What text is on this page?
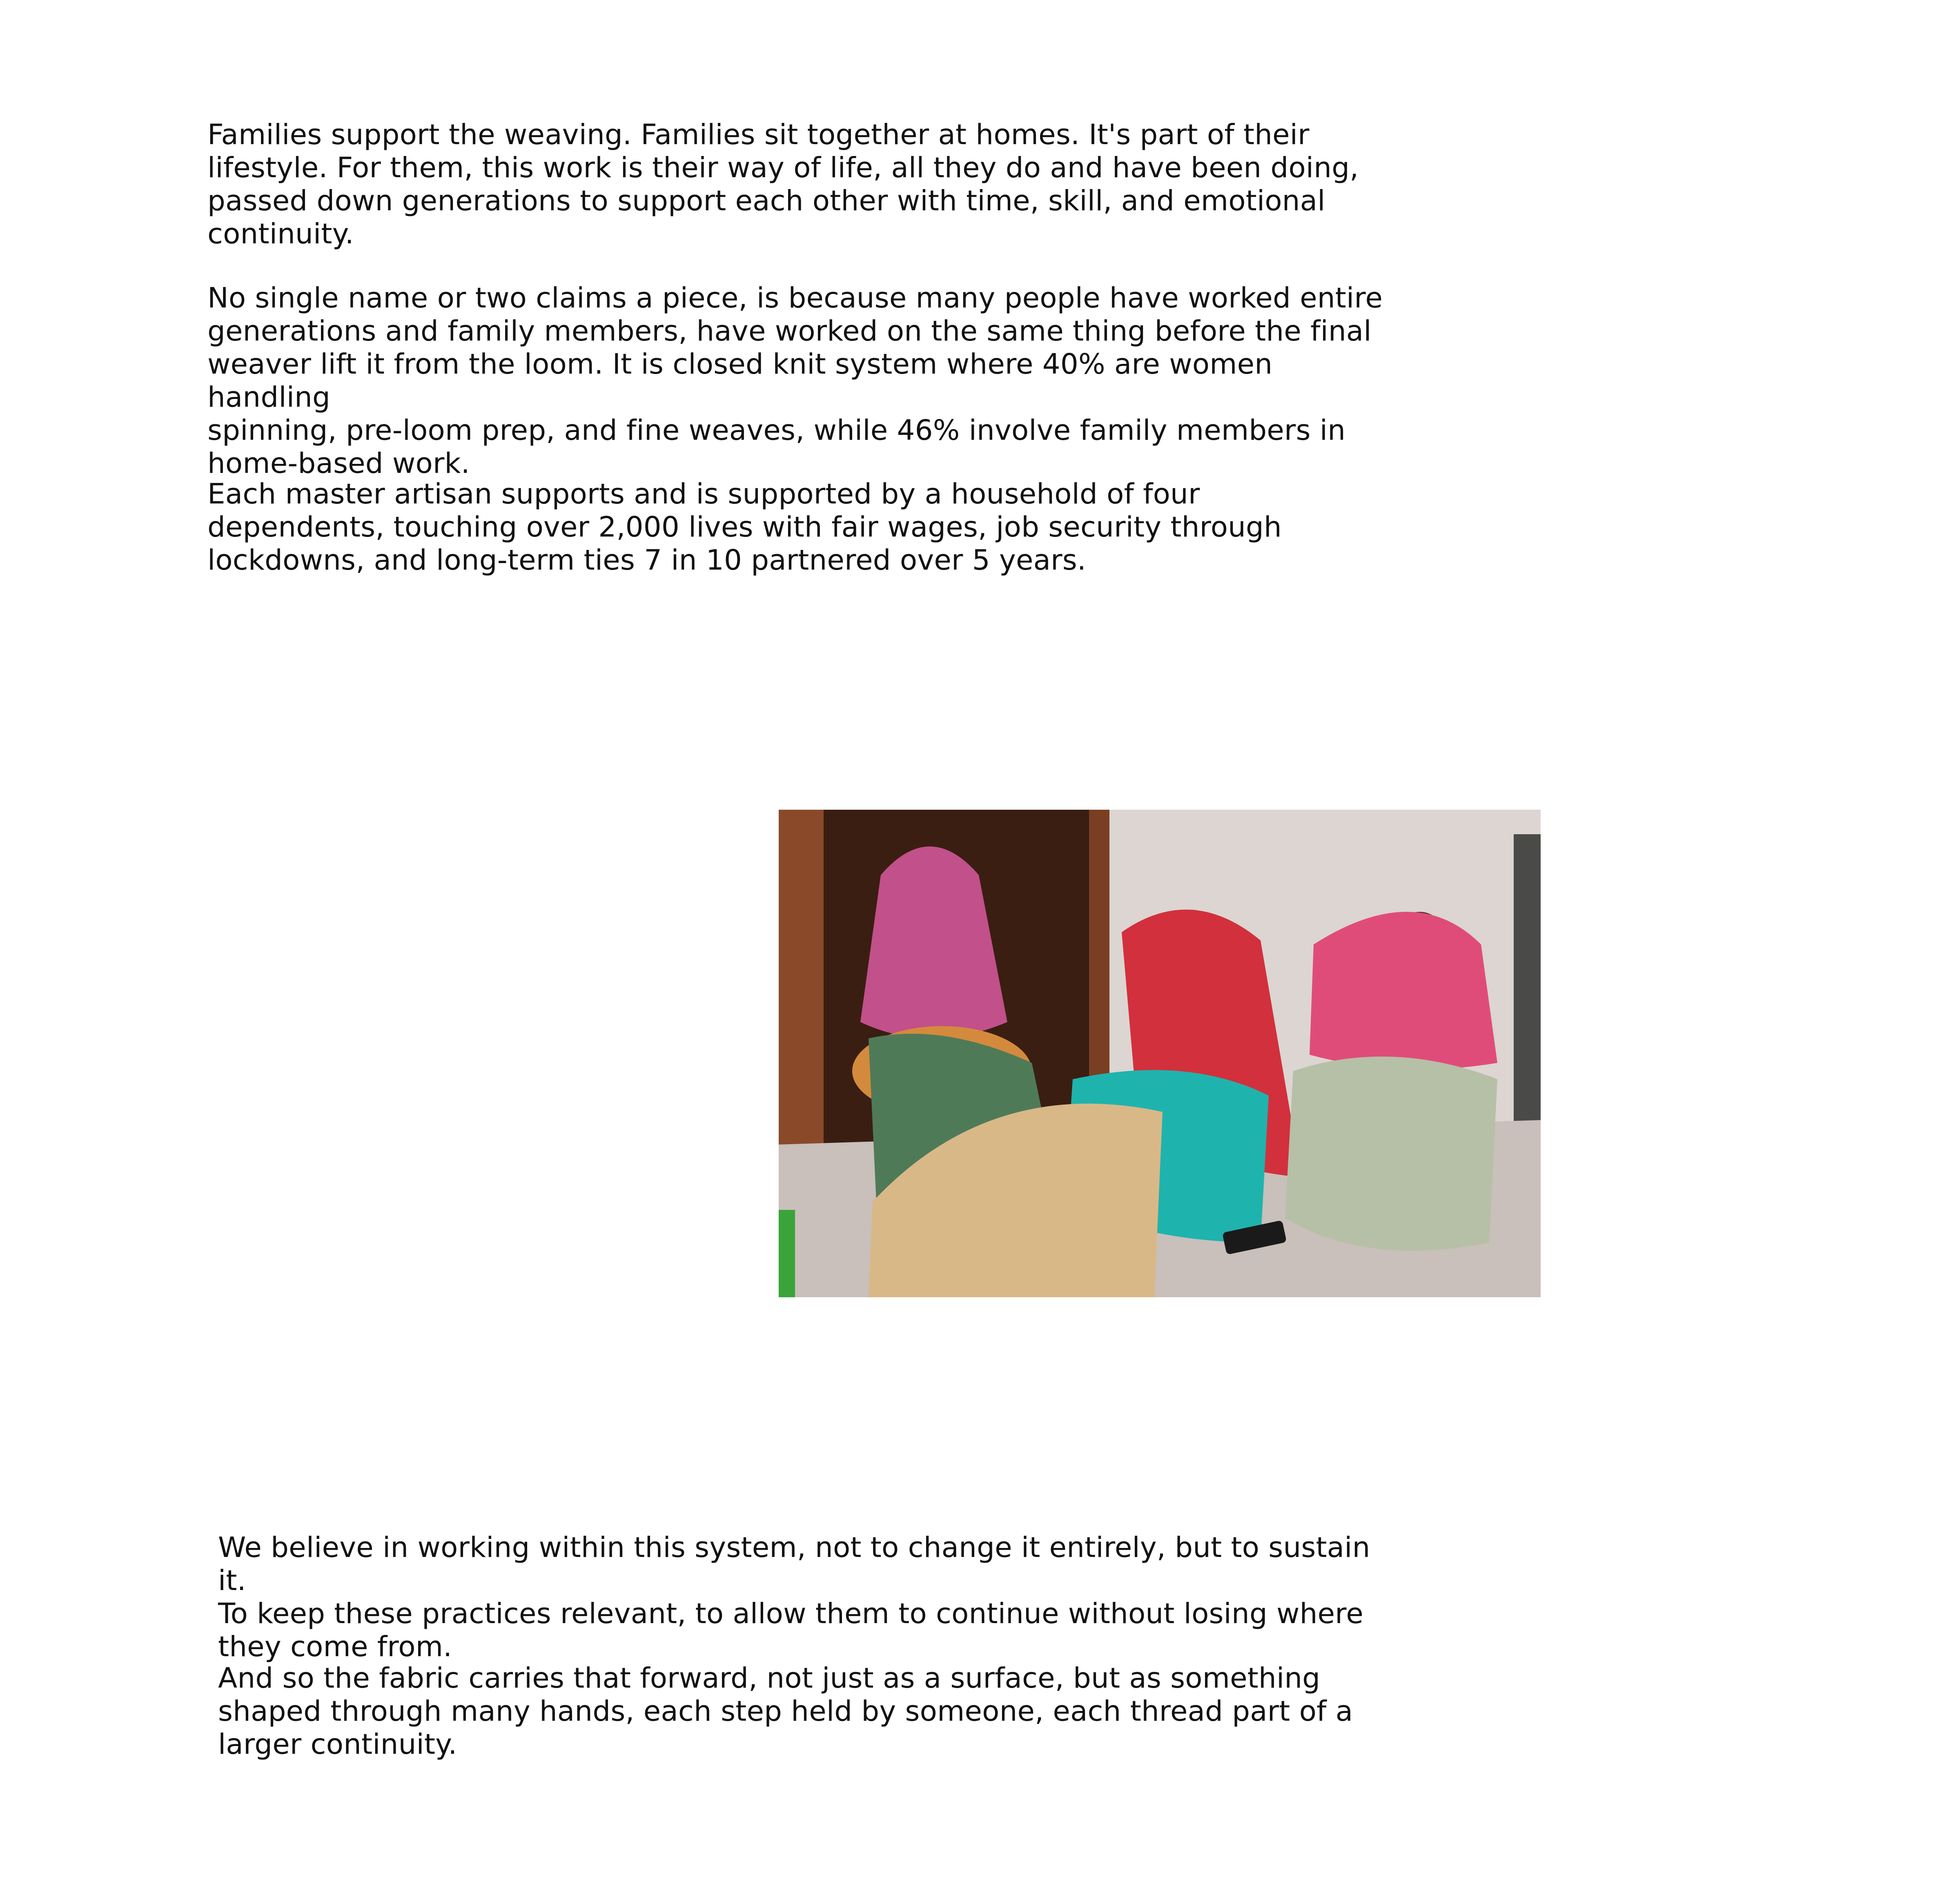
Families support the weaving. Families sit together at homes. It's part of their
lifestyle. For them, this work is their way of life, all they do and have been doing,
passed down generations to support each other with time, skill, and emotional
continuity.

No single name or two claims a piece, is because many people have worked entire
generations and family members, have worked on the same thing before the final
weaver lift it from the loom. It is closed knit system where 40% are women handling
spinning, pre-loom prep, and fine weaves, while 46% involve family members in
home-based work.

Each master artisan supports and is supported by a household of four
dependents, touching over 2,000 lives with fair wages, job security through
lockdowns, and long-term ties 7 in 10 partnered over 5 years.

We believe in working within this system, not to change it entirely, but to sustain it.
To keep these practices relevant, to allow them to continue without losing where
they come from.

And so the fabric carries that forward, not just as a surface, but as something
shaped through many hands, each step held by someone, each thread part of a
larger continuity.
